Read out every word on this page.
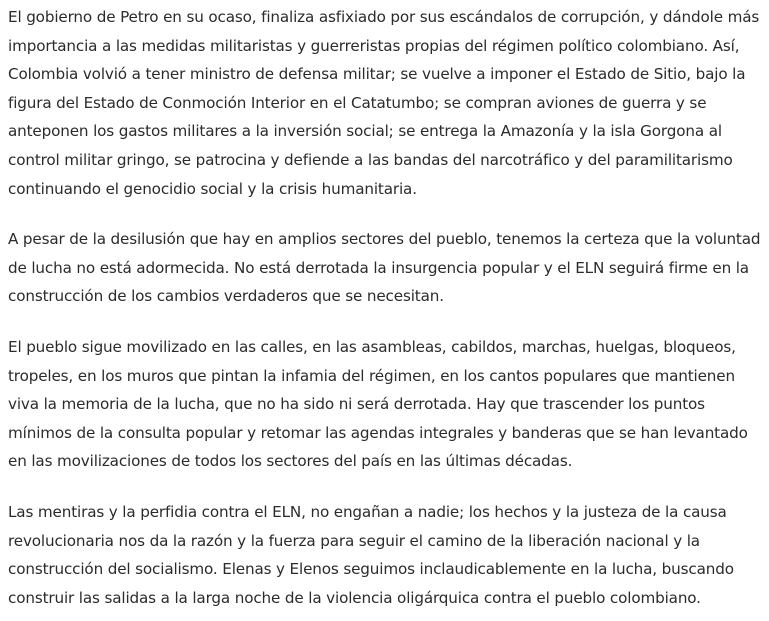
El gobierno de Petro en su ocaso, finaliza asfixiado por sus escándalos de corrupción, y dándole más importancia a las medidas militaristas y guerreristas propias del régimen político colombiano. Así, Colombia volvió a tener ministro de defensa militar; se vuelve a imponer el Estado de Sitio, bajo la figura del Estado de Conmoción Interior en el Catatumbo; se compran aviones de guerra y se anteponen los gastos militares a la inversión social; se entrega la Amazonía y la isla Gorgona al control militar gringo, se patrocina y defiende a las bandas del narcotráfico y del paramilitarismo continuando el genocidio social y la crisis humanitaria.

A pesar de la desilusión que hay en amplios sectores del pueblo, tenemos la certeza que la voluntad de lucha no está adormecida. No está derrotada la insurgencia popular y el ELN seguirá firme en la construcción de los cambios verdaderos que se necesitan.

El pueblo sigue movilizado en las calles, en las asambleas, cabildos, marchas, huelgas, bloqueos, tropeles, en los muros que pintan la infamia del régimen, en los cantos populares que mantienen viva la memoria de la lucha, que no ha sido ni será derrotada. Hay que trascender los puntos mínimos de la consulta popular y retomar las agendas integrales y banderas que se han levantado en las movilizaciones de todos los sectores del país en las últimas décadas.

Las mentiras y la perfidia contra el ELN, no engañan a nadie; los hechos y la justeza de la causa revolucionaria nos da la razón y la fuerza para seguir el camino de la liberación nacional y la construcción del socialismo. Elenas y Elenos seguimos inclaudicablemente en la lucha, buscando construir las salidas a la larga noche de la violencia oligárquica contra el pueblo colombiano.
